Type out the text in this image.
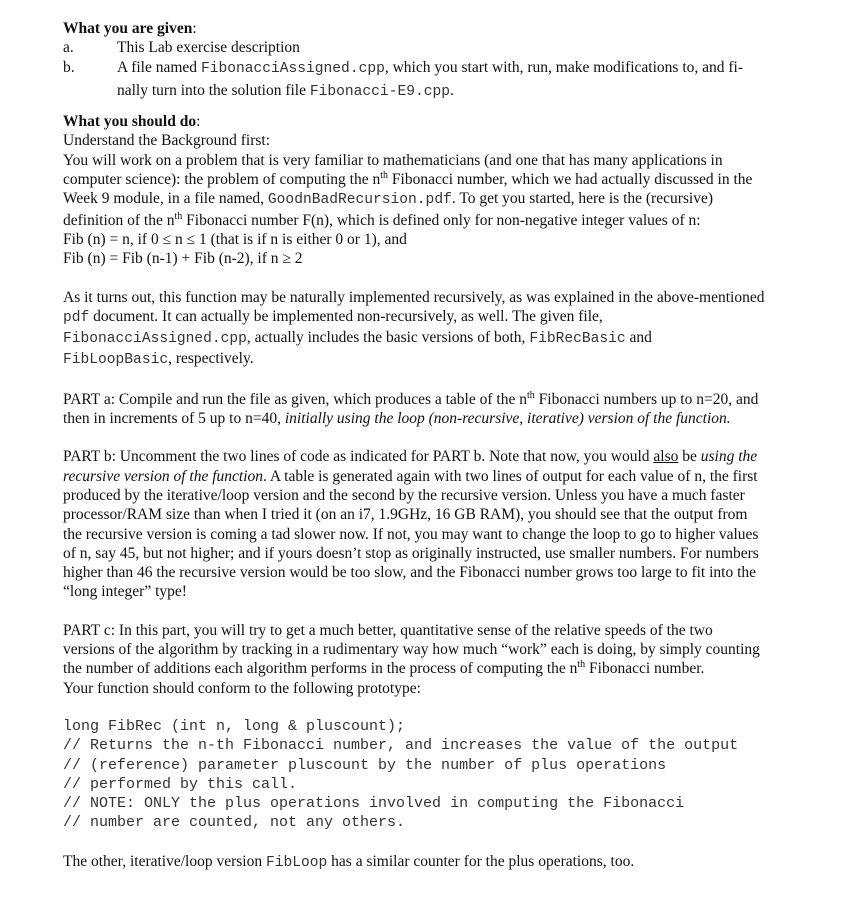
What you are given:
a.	This Lab exercise description
b.	A file named FibonacciAssigned.cpp, which you start with, run, make modifications to, and fi-
nally turn into the solution file Fibonacci-E9.cpp.
What you should do:
Understand the Background first:
You will work on a problem that is very familiar to mathematicians (and one that has many applications in
computer science): the problem of computing the $n^{th}$ Fibonacci number, which we had actually discussed in the
Week 9 module, in a file named, GoodnBadRecursion.pdf. To get you started, here is the (recursive)
definition of the $n^{th}$ Fibonacci number F(n), which is defined only for non-negative integer values of n:
Fib (n) = n, if 0 ≤ n ≤ 1 (that is if n is either 0 or 1), and
Fib (n) = Fib (n-1) + Fib (n-2), if n ≥ 2
As it turns out, this function may be naturally implemented recursively, as was explained in the above-mentioned
pdf document. It can actually be implemented non-recursively, as well. The given file,
FibonacciAssigned.cpp, actually includes the basic versions of both, FibRecBasic and
FibLoopBasic, respectively.
PART a: Compile and run the file as given, which produces a table of the $n^{th}$ Fibonacci numbers up to n=20, and
then in increments of 5 up to n=40, initially using the loop (non-recursive, iterative) version of the function.
PART b: Uncomment the two lines of code as indicated for PART b. Note that now, you would also be using the
recursive version of the function. A table is generated again with two lines of output for each value of n, the first
produced by the iterative/loop version and the second by the recursive version. Unless you have a much faster
processor/RAM size than when I tried it (on an i7, 1.9GHz, 16 GB RAM), you should see that the output from
the recursive version is coming a tad slower now. If not, you may want to change the loop to go to higher values
of n, say 45, but not higher; and if yours doesn’t stop as originally instructed, use smaller numbers. For numbers
higher than 46 the recursive version would be too slow, and the Fibonacci number grows too large to fit into the
“long integer” type!
PART c: In this part, you will try to get a much better, quantitative sense of the relative speeds of the two
versions of the algorithm by tracking in a rudimentary way how much “work” each is doing, by simply counting
the number of additions each algorithm performs in the process of computing the $n^{th}$ Fibonacci number.
Your function should conform to the following prototype:
long FibRec (int n, long & pluscount);
// Returns the n-th Fibonacci number, and increases the value of the output
// (reference) parameter pluscount by the number of plus operations
// performed by this call.
// NOTE: ONLY the plus operations involved in computing the Fibonacci
// number are counted, not any others.
The other, iterative/loop version FibLoop has a similar counter for the plus operations, too.
